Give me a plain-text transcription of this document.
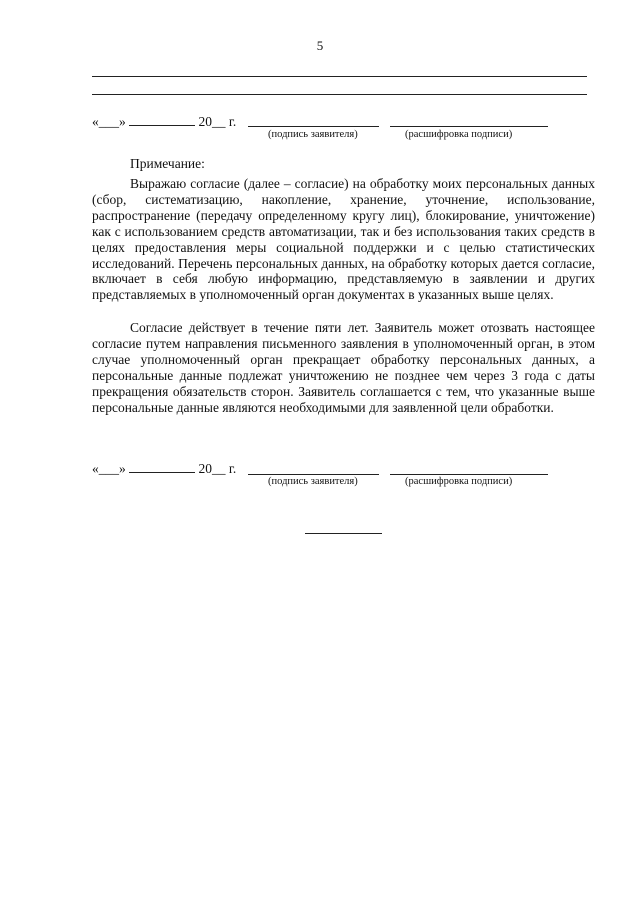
5
«___»	20__ г.
(подпись заявителя)	(расшифровка подписи)
Примечание:

Выражаю согласие (далее – согласие) на обработку моих персональных данных (сбор, систематизацию, накопление, хранение, уточнение, использование, распространение (передачу определенному кругу лиц), блокирование, уничтожение) как с использованием средств автоматизации, так и без использования таких средств в целях предоставления меры социальной поддержки и с целью статистических исследований. Перечень персональных данных, на обработку которых дается согласие, включает в себя любую информацию, представляемую в заявлении и других представляемых в уполномоченный орган документах в указанных выше целях.

Согласие действует в течение пяти лет. Заявитель может отозвать настоящее согласие путем направления письменного заявления в уполномоченный орган, в этом случае уполномоченный орган прекращает обработку персональных данных, а персональные данные подлежат уничтожению не позднее чем через 3 года с даты прекращения обязательств сторон. Заявитель соглашается с тем, что указанные выше персональные данные являются необходимыми для заявленной цели обработки.

«___»	20__ г.
(подпись заявителя)	(расшифровка подписи)
